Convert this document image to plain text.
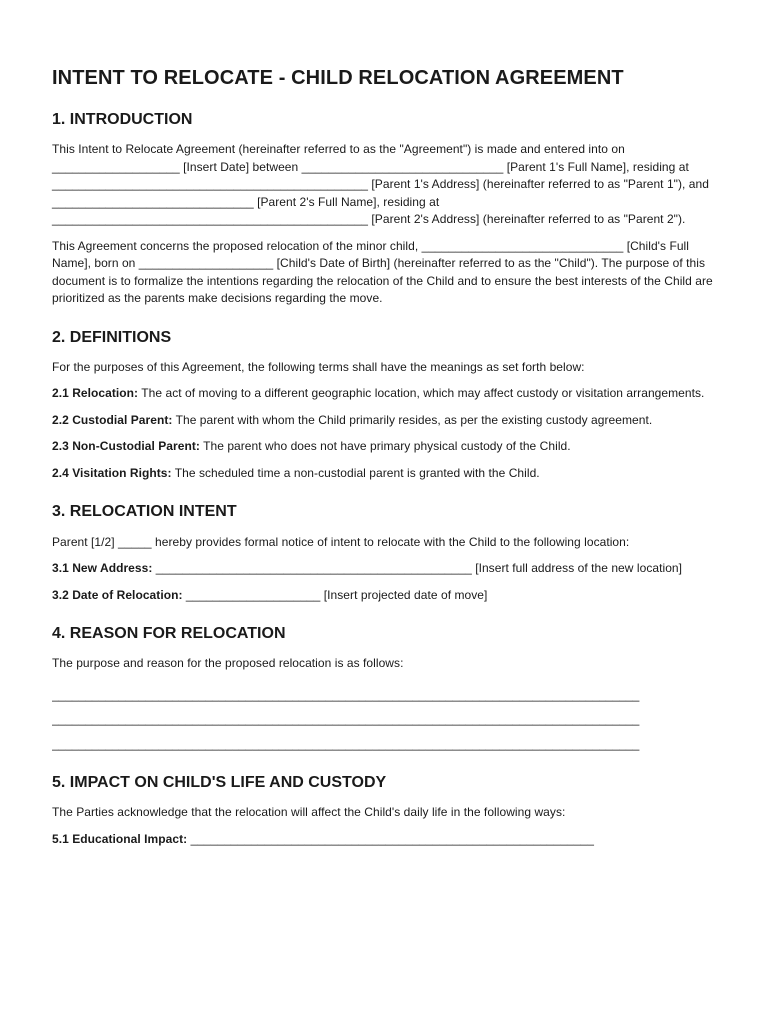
INTENT TO RELOCATE - CHILD RELOCATION AGREEMENT
1. INTRODUCTION

This Intent to Relocate Agreement (hereinafter referred to as the "Agreement") is made and entered into on ___________________ [Insert Date] between ______________________________ [Parent 1's Full Name], residing at _______________________________________________ [Parent 1's Address] (hereinafter referred to as "Parent 1"), and ______________________________ [Parent 2's Full Name], residing at _______________________________________________ [Parent 2's Address] (hereinafter referred to as "Parent 2").

This Agreement concerns the proposed relocation of the minor child, ______________________________ [Child's Full Name], born on ____________________ [Child's Date of Birth] (hereinafter referred to as the "Child"). The purpose of this document is to formalize the intentions regarding the relocation of the Child and to ensure the best interests of the Child are prioritized as the parents make decisions regarding the move.

2. DEFINITIONS

For the purposes of this Agreement, the following terms shall have the meanings as set forth below:

2.1 Relocation: The act of moving to a different geographic location, which may affect custody or visitation arrangements.

2.2 Custodial Parent: The parent with whom the Child primarily resides, as per the existing custody agreement.

2.3 Non-Custodial Parent: The parent who does not have primary physical custody of the Child.

2.4 Visitation Rights: The scheduled time a non-custodial parent is granted with the Child.

3. RELOCATION INTENT

Parent [1/2] _____ hereby provides formal notice of intent to relocate with the Child to the following location:

3.1 New Address: _______________________________________________ [Insert full address of the new location]

3.2 Date of Relocation: ____________________ [Insert projected date of move]

4. REASON FOR RELOCATION

The purpose and reason for the proposed relocation is as follows:

________________________________________________________________________________________
________________________________________________________________________________________
________________________________________________________________________________________
5. IMPACT ON CHILD'S LIFE AND CUSTODY

The Parties acknowledge that the relocation will affect the Child's daily life in the following ways:

5.1 Educational Impact: ____________________________________________________________
